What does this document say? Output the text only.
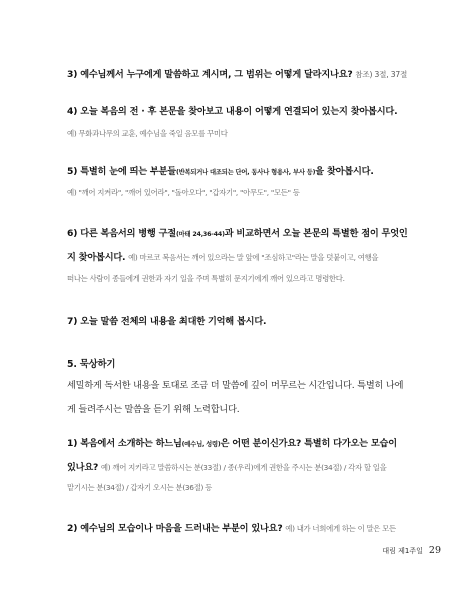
3) 예수님께서 누구에게 말씀하고 계시며, 그 범위는 어떻게 달라지나요? 참조) 3절, 37절
4) 오늘 복음의 전 · 후 본문을 찾아보고 내용이 어떻게 연결되어 있는지 찾아봅시다.
예) 무화과나무의 교훈, 예수님을 죽일 음모를 꾸미다
5) 특별히 눈에 띄는 부분들(반복되거나 대조되는 단어, 동사나 형용사, 부사 등)을 찾아봅시다.
예) "깨어 지켜라", "깨어 있어라", "돌아오다", "갑자기", "아무도", "모든" 등
6) 다른 복음서의 병행 구절(마태 24,36-44)과 비교하면서 오늘 본문의 특별한 점이 무엇인
지 찾아봅시다. 예) 마르코 복음서는 깨어 있으라는 말 앞에 "조심하고"라는 말을 덧붙이고, 여행을
떠나는 사람이 종들에게 권한과 자기 일을 주며 특별히 문지기에게 깨어 있으라고 명령한다.
7) 오늘 말씀 전체의 내용을 최대한 기억해 봅시다.
5. 묵상하기
세밀하게 독서한 내용을 토대로 조금 더 말씀에 깊이 머무르는 시간입니다. 특별히 나에
게 들려주시는 말씀을 듣기 위해 노력합니다.
1) 복음에서 소개하는 하느님(예수님, 성령)은 어떤 분이신가요? 특별히 다가오는 모습이
있나요? 예) 깨어 지키라고 말씀하시는 분(33절) / 종(우리)에게 권한을 주시는 분(34절) / 각자 할 일을
맡기시는 분(34절) / 갑자기 오시는 분(36절) 등
2) 예수님의 모습이나 마음을 드러내는 부분이 있나요? 예) 내가 너희에게 하는 이 말은 모든
대림 제1주일 29
